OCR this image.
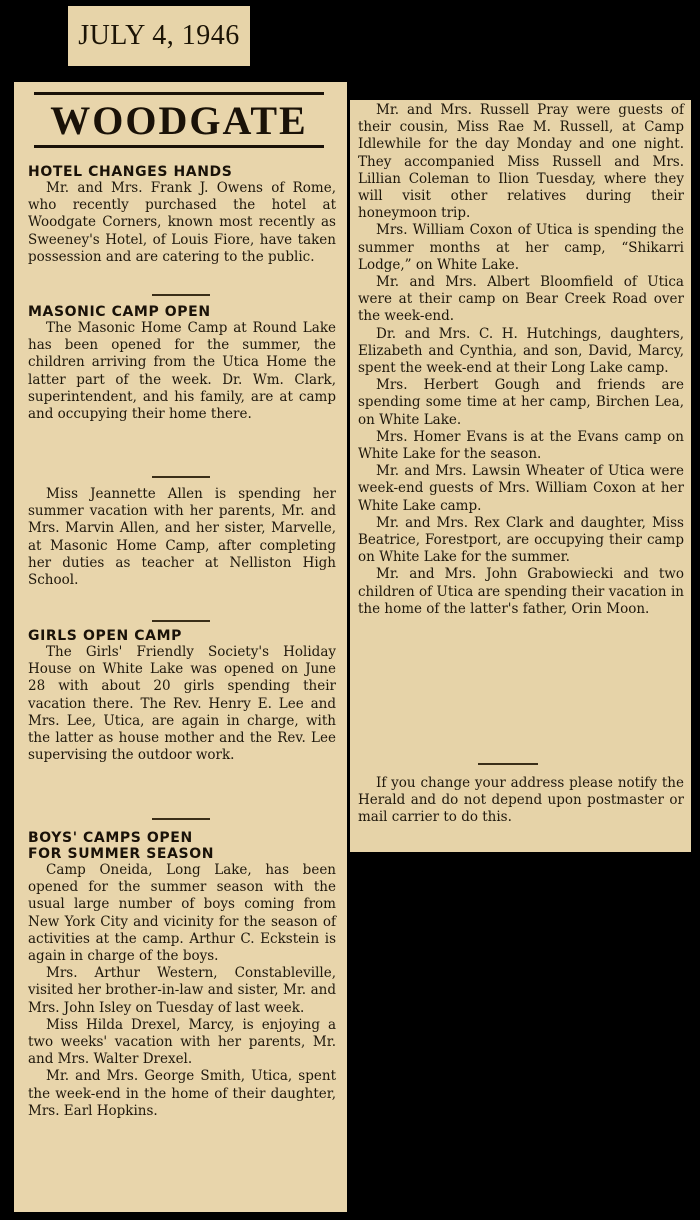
JULY 4, 1946
WOODGATE
HOTEL CHANGES HANDS

Mr. and Mrs. Frank J. Owens of Rome, who recently purchased the hotel at Woodgate Corners, known most recently as Sweeney's Hotel, of Louis Fiore, have taken possession and are catering to the public.

MASONIC CAMP OPEN

The Masonic Home Camp at Round Lake has been opened for the summer, the children arriving from the Utica Home the latter part of the week. Dr. Wm. Clark, superintendent, and his family, are at camp and occupying their home there.

Miss Jeannette Allen is spending her summer vacation with her parents, Mr. and Mrs. Marvin Allen, and her sister, Marvelle, at Masonic Home Camp, after completing her duties as teacher at Nelliston High School.

GIRLS OPEN CAMP

The Girls' Friendly Society's Holiday House on White Lake was opened on June 28 with about 20 girls spending their vacation there. The Rev. Henry E. Lee and Mrs. Lee, Utica, are again in charge, with the latter as house mother and the Rev. Lee supervising the outdoor work.

BOYS' CAMPS OPEN
FOR SUMMER SEASON

Camp Oneida, Long Lake, has been opened for the summer season with the usual large number of boys coming from New York City and vicinity for the season of activities at the camp. Arthur C. Eckstein is again in charge of the boys.

Mrs. Arthur Western, Constableville, visited her brother-in-law and sister, Mr. and Mrs. John Isley on Tuesday of last week.

Miss Hilda Drexel, Marcy, is enjoying a two weeks' vacation with her parents, Mr. and Mrs. Walter Drexel.

Mr. and Mrs. George Smith, Utica, spent the week-end in the home of their daughter, Mrs. Earl Hopkins.

Mr. and Mrs. Russell Pray were guests of their cousin, Miss Rae M. Russell, at Camp Idlewhile for the day Monday and one night. They accompanied Miss Russell and Mrs. Lillian Coleman to Ilion Tuesday, where they will visit other relatives during their honeymoon trip.

Mrs. William Coxon of Utica is spending the summer months at her camp, “Shikarri Lodge,” on White Lake.

Mr. and Mrs. Albert Bloomfield of Utica were at their camp on Bear Creek Road over the week-end.

Dr. and Mrs. C. H. Hutchings, daughters, Elizabeth and Cynthia, and son, David, Marcy, spent the week-end at their Long Lake camp.

Mrs. Herbert Gough and friends are spending some time at her camp, Birchen Lea, on White Lake.

Mrs. Homer Evans is at the Evans camp on White Lake for the season.

Mr. and Mrs. Lawsin Wheater of Utica were week-end guests of Mrs. William Coxon at her White Lake camp.

Mr. and Mrs. Rex Clark and daughter, Miss Beatrice, Forestport, are occupying their camp on White Lake for the summer.

Mr. and Mrs. John Grabowiecki and two children of Utica are spending their vacation in the home of the latter's father, Orin Moon.

If you change your address please notify the Herald and do not depend upon postmaster or mail carrier to do this.
